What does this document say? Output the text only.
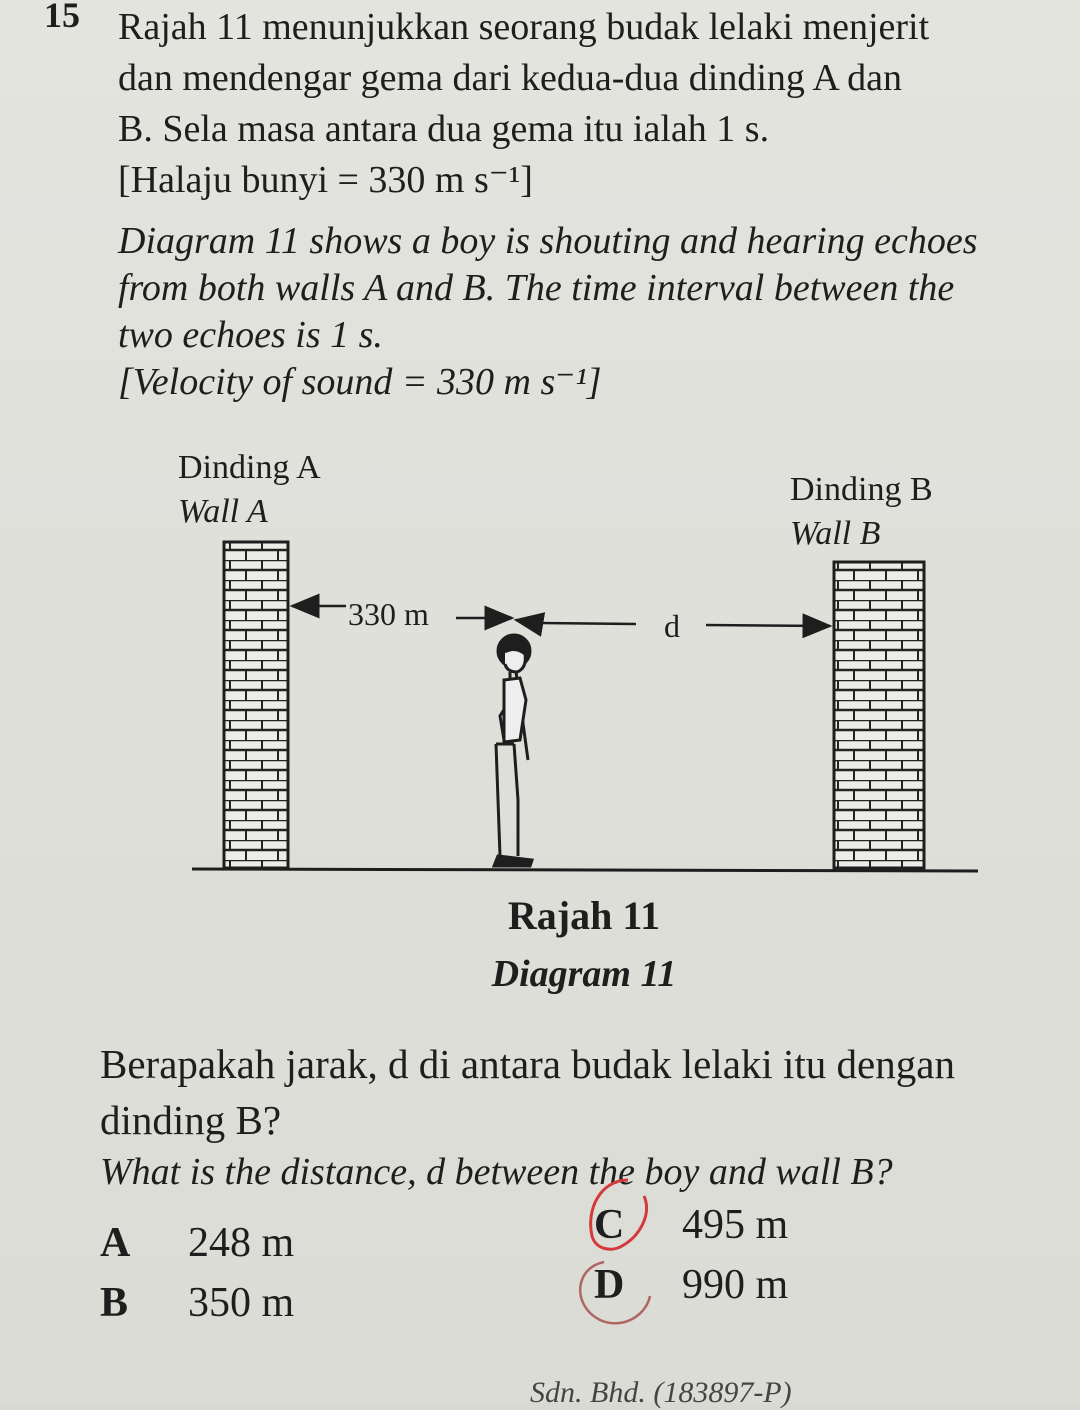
15 Rajah 11 menunjukkan seorang budak lelaki menjerit
dan mendengar gema dari kedua-dua dinding A dan
B. Sela masa antara dua gema itu ialah 1 s.
[Halaju bunyi = 330 m s⁻¹]
Diagram 11 shows a boy is shouting and hearing echoes
from both walls A and B. The time interval between the
two echoes is 1 s.
[Velocity of sound = 330 m s⁻¹]
Dinding A
Wall A
Dinding B
Wall B
330 m	d
Rajah 11
Diagram 11
Berapakah jarak, d di antara budak lelaki itu dengan dinding B?
What is the distance, d between the boy and wall B?
A 248 m
B 350 m
C 495 m
D 990 m
Sdn. Bhd. (183897-P)
